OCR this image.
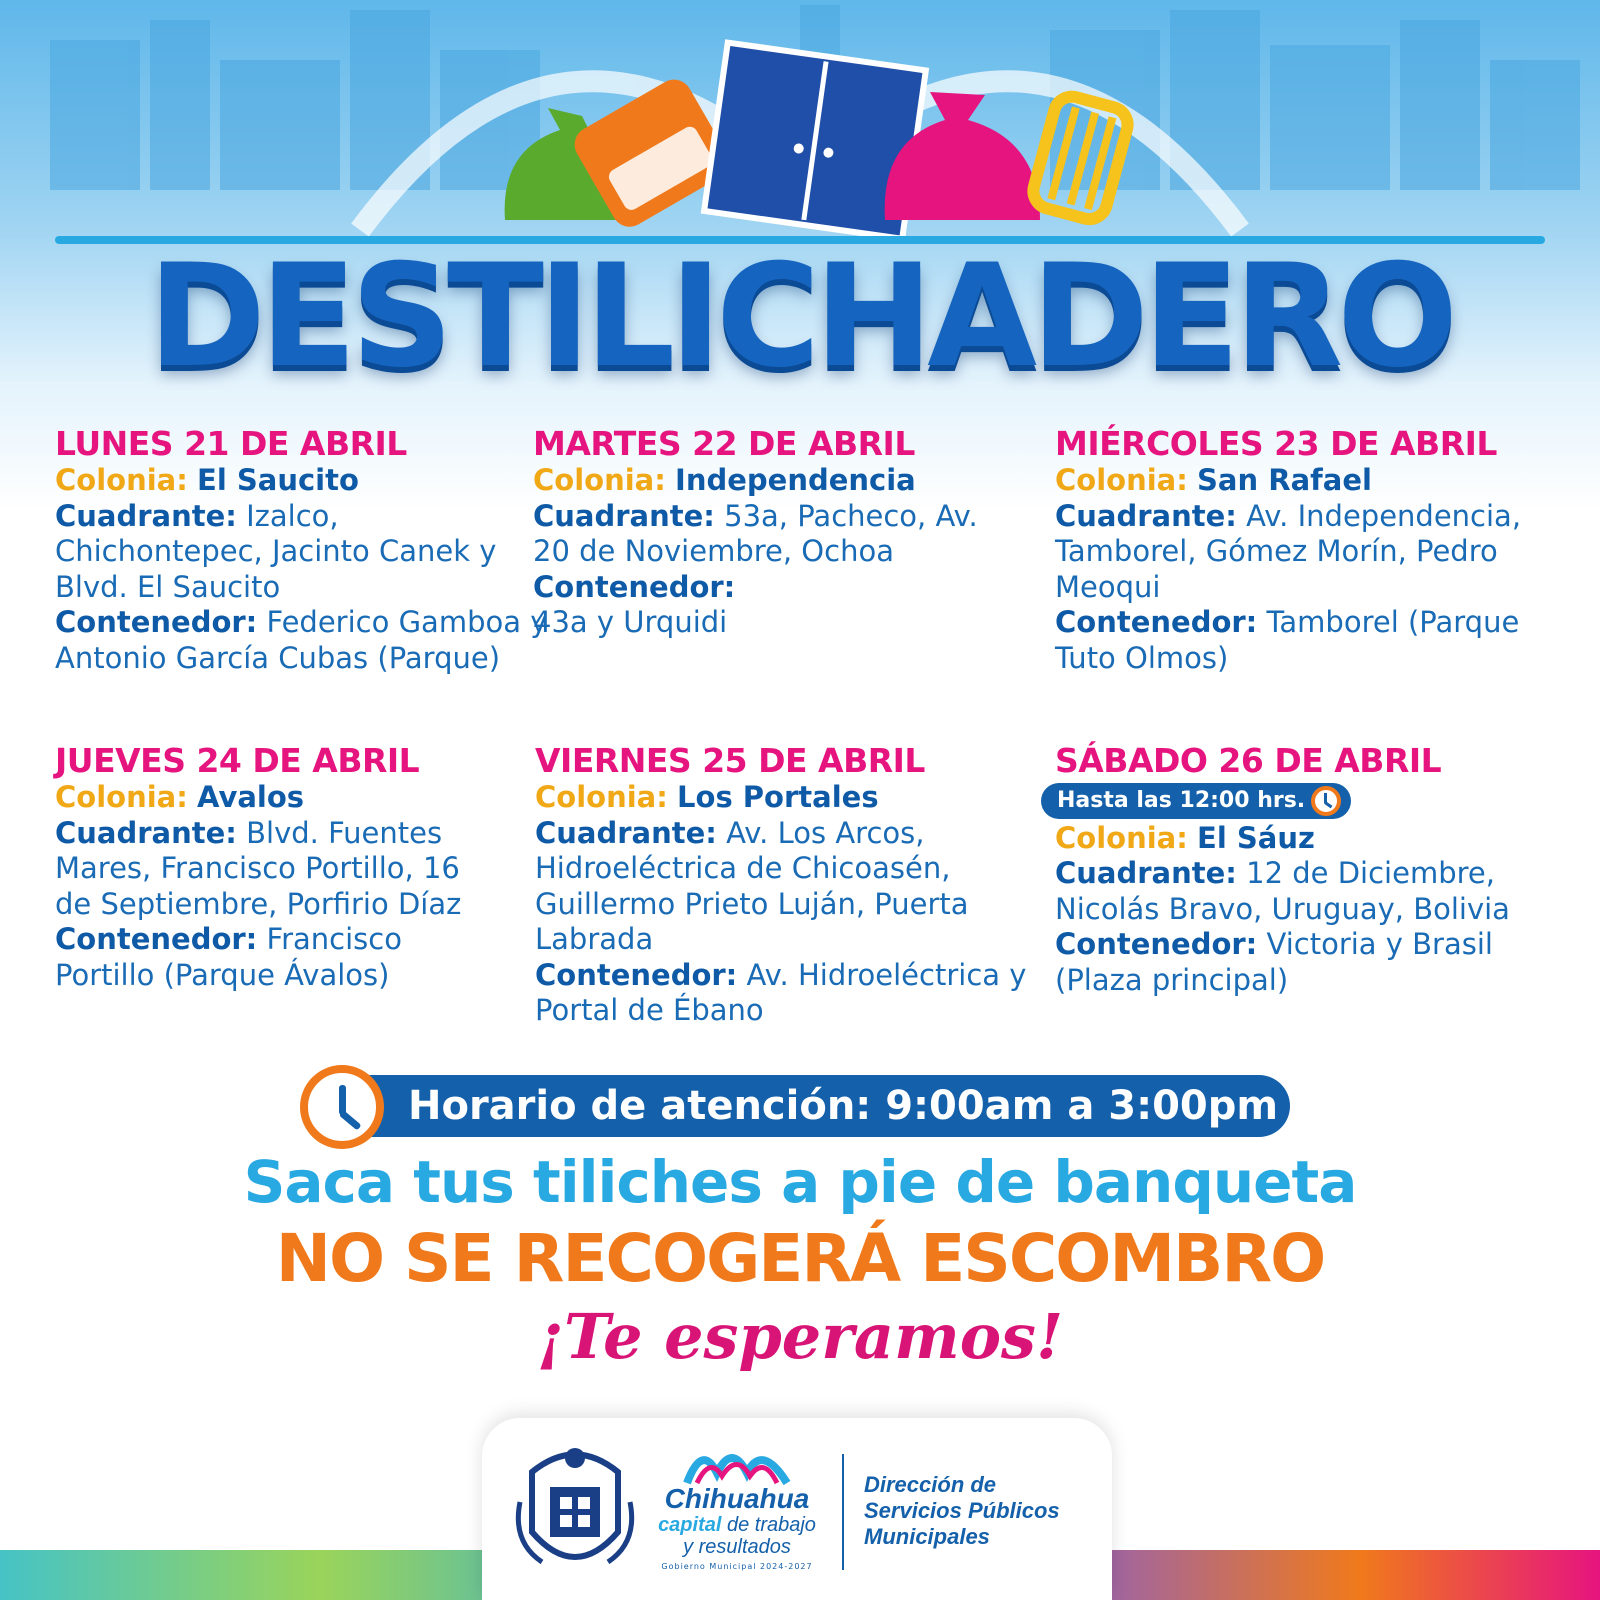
DESTILICHADERO
LUNES 21 DE ABRIL
Colonia: El Saucito
Cuadrante: Izalco, Chichontepec, Jacinto Canek y Blvd. El Saucito
Contenedor: Federico Gamboa y Antonio García Cubas (Parque)
MARTES 22 DE ABRIL
Colonia: Independencia
Cuadrante: 53a, Pacheco, Av. 20 de Noviembre, Ochoa
Contenedor:
43a y Urquidi
MIÉRCOLES 23 DE ABRIL
Colonia: San Rafael
Cuadrante: Av. Independencia, Tamborel, Gómez Morín, Pedro Meoqui
Contenedor: Tamborel (Parque Tuto Olmos)
JUEVES 24 DE ABRIL
Colonia: Avalos
Cuadrante: Blvd. Fuentes Mares, Francisco Portillo, 16 de Septiembre, Porfirio Díaz
Contenedor: Francisco Portillo (Parque Ávalos)
VIERNES 25 DE ABRIL
Colonia: Los Portales
Cuadrante: Av. Los Arcos, Hidroeléctrica de Chicoasén, Guillermo Prieto Luján, Puerta Labrada
Contenedor: Av. Hidroeléctrica y Portal de Ébano
SÁBADO 26 DE ABRIL
Hasta las 12:00 hrs.
Colonia: El Sáuz
Cuadrante: 12 de Diciembre, Nicolás Bravo, Uruguay, Bolivia
Contenedor: Victoria y Brasil (Plaza principal)
Horario de atención: 9:00am a 3:00pm
Saca tus tiliches a pie de banqueta
NO SE RECOGERÁ ESCOMBRO
¡Te esperamos!
Chihuahua
capital de trabajo
y resultados
Gobierno Municipal 2024-2027
Dirección de
Servicios Públicos
Municipales
